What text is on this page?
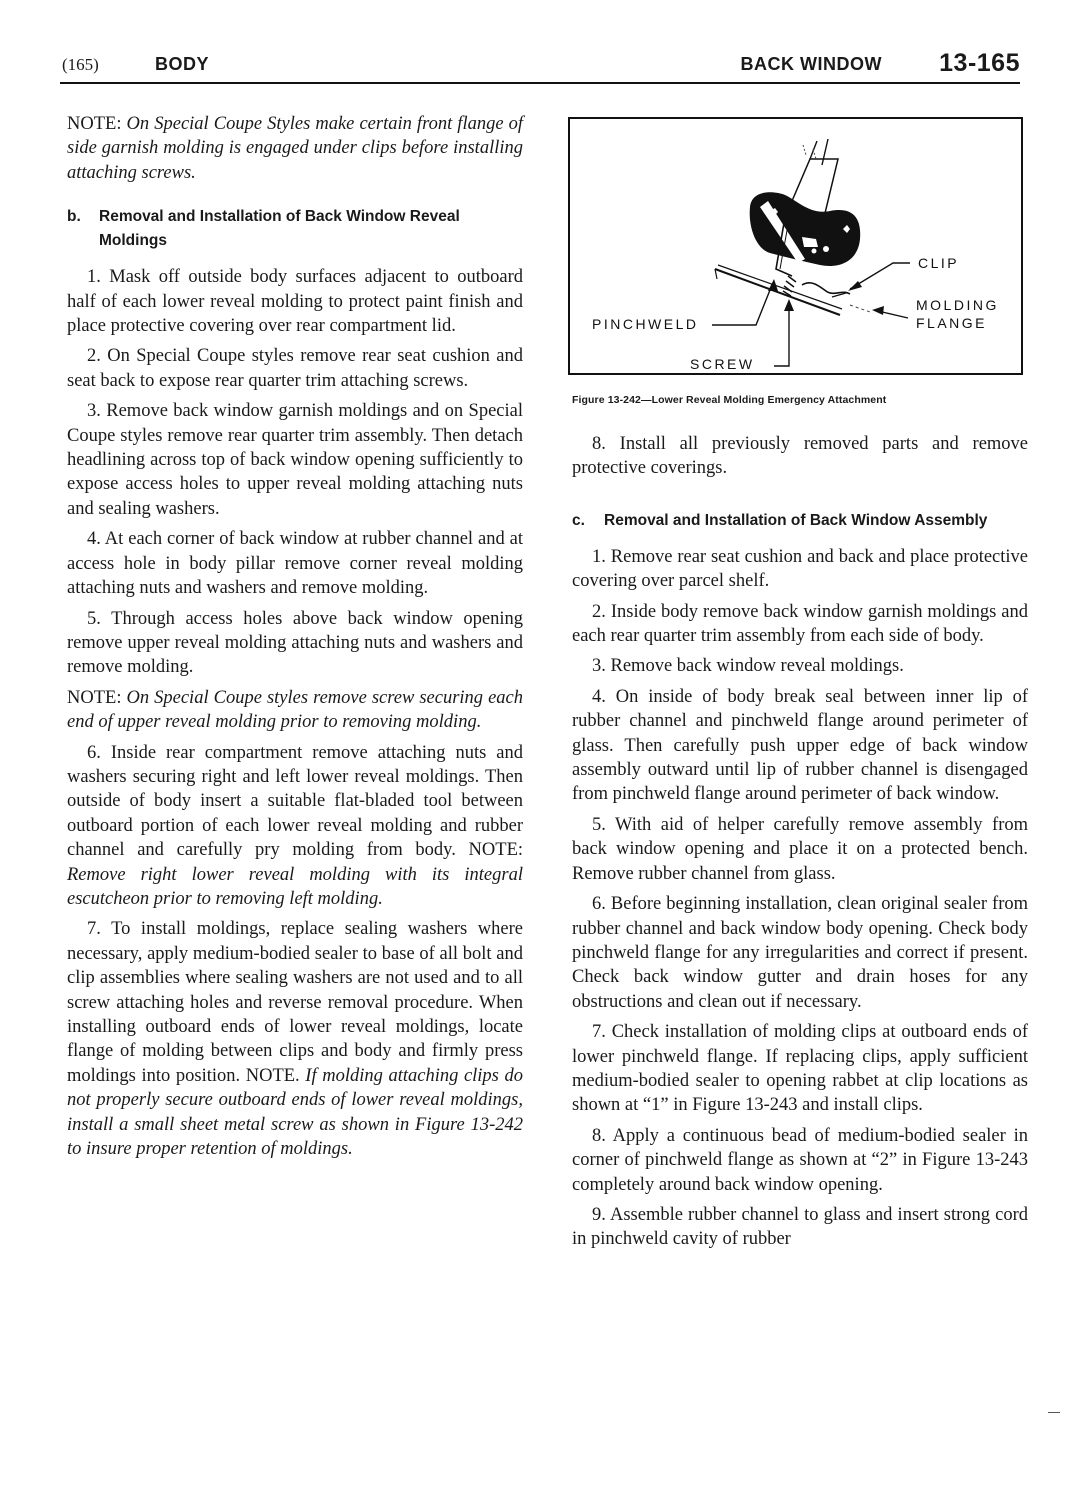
(165)	BODY	BACK WINDOW 13-165

NOTE: On Special Coupe Styles make certain front flange of side garnish molding is engaged under clips before installing attaching screws.

b.	Removal and Installation of Back Window Reveal Moldings

1. Mask off outside body surfaces adjacent to outboard half of each lower reveal molding to protect paint finish and place protective covering over rear compartment lid.

2. On Special Coupe styles remove rear seat cushion and seat back to expose rear quarter trim attaching screws.

3. Remove back window garnish moldings and on Special Coupe styles remove rear quarter trim assembly. Then detach headlining across top of back window opening sufficiently to expose access holes to upper reveal molding attaching nuts and sealing washers.

4. At each corner of back window at rubber channel and at access hole in body pillar remove corner reveal molding attaching nuts and washers and remove molding.

5. Through access holes above back window opening remove upper reveal molding attaching nuts and washers and remove molding.

NOTE: On Special Coupe styles remove screw securing each end of upper reveal molding prior to removing molding.

6. Inside rear compartment remove attaching nuts and washers securing right and left lower reveal moldings. Then outside of body insert a suitable flat-bladed tool between outboard portion of each lower reveal molding and rubber channel and carefully pry molding from body. NOTE: Remove right lower reveal molding with its integral escutcheon prior to removing left molding.

7. To install moldings, replace sealing washers where necessary, apply medium-bodied sealer to base of all bolt and clip assemblies where sealing washers are not used and to all screw attaching holes and reverse removal procedure. When installing outboard ends of lower reveal moldings, locate flange of molding between clips and body and firmly press moldings into position. NOTE. If molding attaching clips do not properly secure outboard ends of lower reveal moldings, install a small sheet metal screw as shown in Figure 13-242 to insure proper retention of moldings.

CLIP
MOLDING
FLANGE
PINCHWELD
SCREW
Figure 13-242—Lower Reveal Molding Emergency Attachment

8. Install all previously removed parts and remove protective coverings.

c.	Removal and Installation of Back Window Assembly

1. Remove rear seat cushion and back and place protective covering over parcel shelf.

2. Inside body remove back window garnish moldings and each rear quarter trim assembly from each side of body.

3. Remove back window reveal moldings.

4. On inside of body break seal between inner lip of rubber channel and pinchweld flange around perimeter of glass. Then carefully push upper edge of back window assembly outward until lip of rubber channel is disengaged from pinchweld flange around perimeter of back window.

5. With aid of helper carefully remove assembly from back window opening and place it on a protected bench. Remove rubber channel from glass.

6. Before beginning installation, clean original sealer from rubber channel and back window body opening. Check body pinchweld flange for any irregularities and correct if present. Check back window gutter and drain hoses for any obstructions and clean out if necessary.

7. Check installation of molding clips at outboard ends of lower pinchweld flange. If replacing clips, apply sufficient medium-bodied sealer to opening rabbet at clip locations as shown at “1” in Figure 13-243 and install clips.

8. Apply a continuous bead of medium-bodied sealer in corner of pinchweld flange as shown at “2” in Figure 13-243 completely around back window opening.

9. Assemble rubber channel to glass and insert strong cord in pinchweld cavity of rubber
